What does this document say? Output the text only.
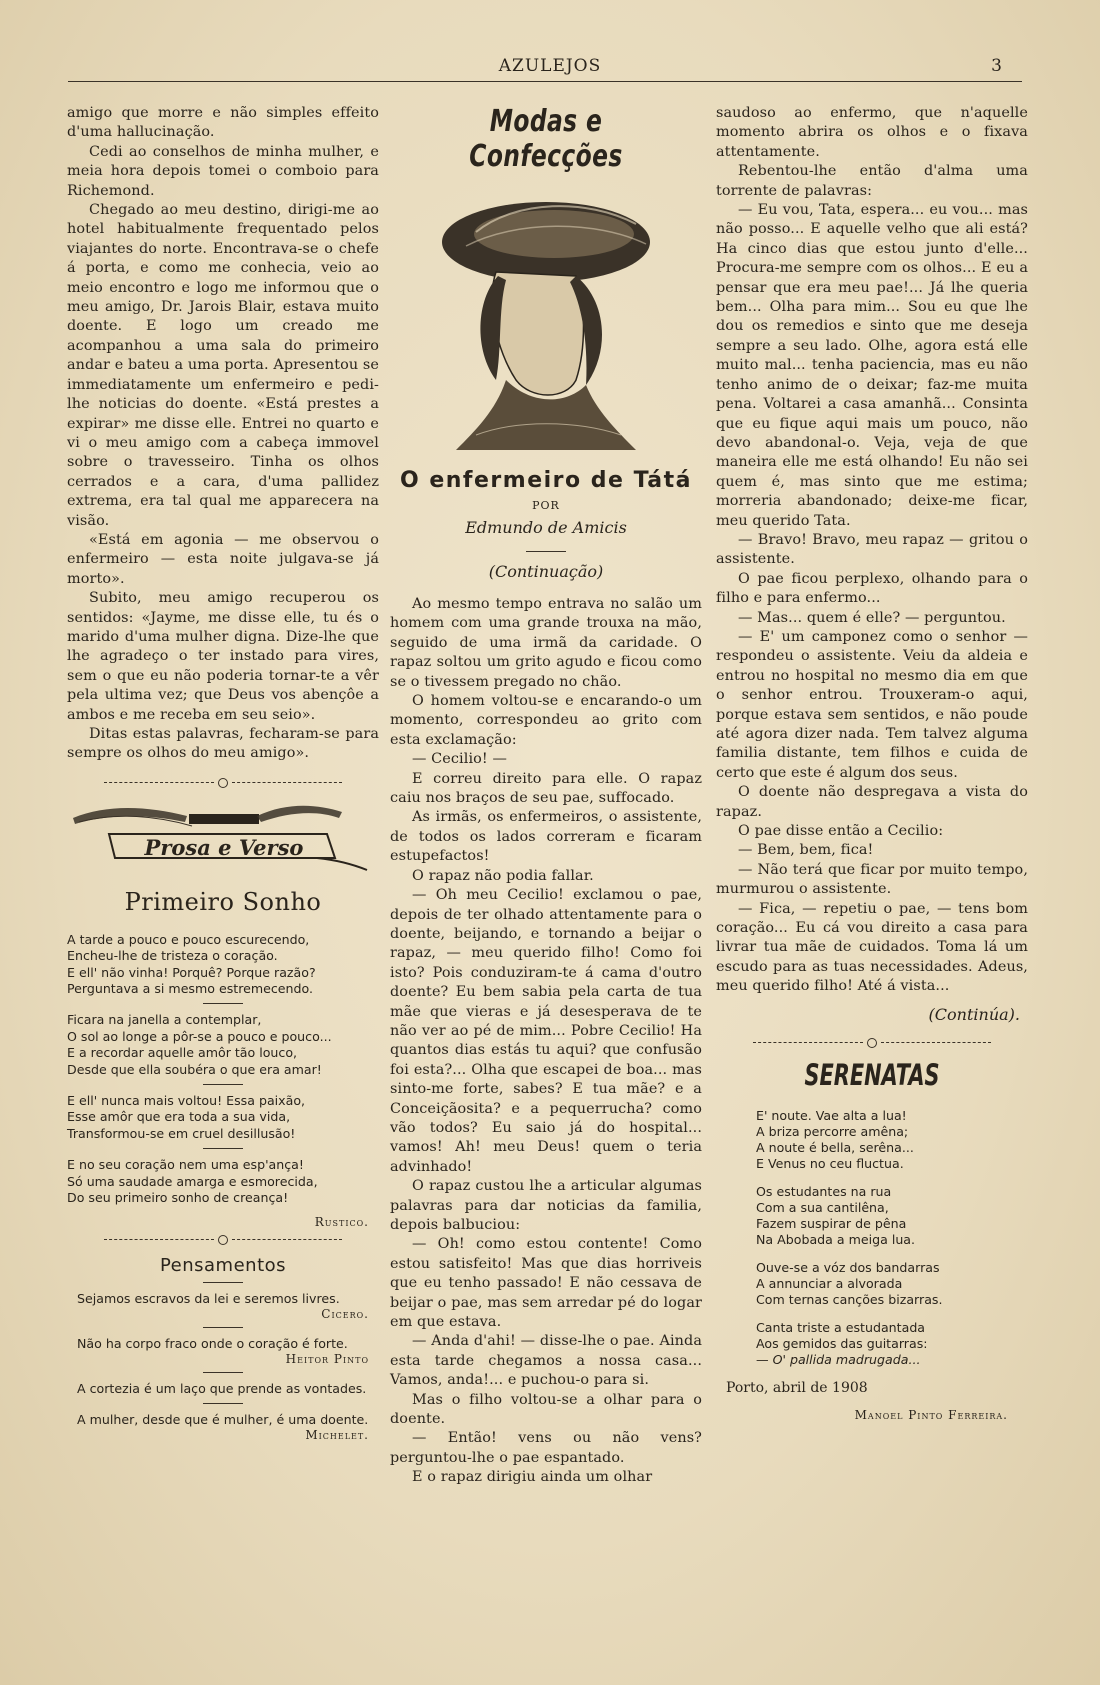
AZULEJOS	3

amigo que morre e não simples effeito d'uma hallucinação.

Cedi ao conselhos de minha mulher, e meia hora depois tomei o comboio para Richemond.

Chegado ao meu destino, dirigi-me ao hotel habitualmente frequentado pelos viajantes do norte. Encontrava-se o chefe á porta, e como me conhecia, veio ao meio encontro e logo me informou que o meu amigo, Dr. Jarois Blair, estava muito doente. E logo um creado me acompanhou a uma sala do primeiro andar e bateu a uma porta. Apresentou se immediatamente um enfermeiro e pedi-lhe noticias do doente. «Está prestes a expirar» me disse elle. Entrei no quarto e vi o meu amigo com a cabeça immovel sobre o travesseiro. Tinha os olhos cerrados e a cara, d'uma pallidez extrema, era tal qual me apparecera na visão.

«Está em agonia — me observou o enfermeiro — esta noite julgava-se já morto».

Subito, meu amigo recuperou os sentidos: «Jayme, me disse elle, tu és o marido d'uma mulher digna. Dize-lhe que lhe agradeço o ter instado para vires, sem o que eu não poderia tornar-te a vêr pela ultima vez; que Deus vos abençôe a ambos e me receba em seu seio».

Ditas estas palavras, fecharam-se para sempre os olhos do meu amigo».

Prosa e Verso
Primeiro Sonho

A tarde a pouco e pouco escurecendo,

Encheu-lhe de tristeza o coração.

E ell' não vinha! Porquê? Porque razão?

Perguntava a si mesmo estremecendo.

Ficara na janella a contemplar,

O sol ao longe a pôr-se a pouco e pouco...

E a recordar aquelle amôr tão louco,

Desde que ella soubéra o que era amar!

E ell' nunca mais voltou! Essa paixão,

Esse amôr que era toda a sua vida,

Transformou-se em cruel desillusão!

E no seu coração nem uma esp'ança!

Só uma saudade amarga e esmorecida,

Do seu primeiro sonho de creança!

Rustico.
Pensamentos

Sejamos escravos da lei e seremos livres.

Cicero.

Não ha corpo fraco onde o coração é forte.

Heitor Pinto

A cortezia é um laço que prende as vontades.

A mulher, desde que é mulher, é uma doente.

Michelet.
Modas e Confecções
O enfermeiro de Tátá
POR
Edmundo de Amicis
(Continuação)

Ao mesmo tempo entrava no salão um homem com uma grande trouxa na mão, seguido de uma irmã da caridade. O rapaz soltou um grito agudo e ficou como se o tivessem pregado no chão.

O homem voltou-se e encarando-o um momento, correspondeu ao grito com esta exclamação:

— Cecilio! —

E correu direito para elle. O rapaz caiu nos braços de seu pae, suffocado.

As irmãs, os enfermeiros, o assistente, de todos os lados correram e ficaram estupefactos!

O rapaz não podia fallar.

— Oh meu Cecilio! exclamou o pae, depois de ter olhado attentamente para o doente, beijando, e tornando a beijar o rapaz, — meu querido filho! Como foi isto? Pois conduziram-te á cama d'outro doente? Eu bem sabia pela carta de tua mãe que vieras e já desesperava de te não ver ao pé de mim... Pobre Cecilio! Ha quantos dias estás tu aqui? que confusão foi esta?... Olha que escapei de boa... mas sinto-me forte, sabes? E tua mãe? e a Conceiçãosita? e a pequerrucha? como vão todos? Eu saio já do hospital... vamos! Ah! meu Deus! quem o teria advinhado!

O rapaz custou lhe a articular algumas palavras para dar noticias da familia, depois balbuciou:

— Oh! como estou contente! Como estou satisfeito! Mas que dias horriveis que eu tenho passado! E não cessava de beijar o pae, mas sem arredar pé do logar em que estava.

— Anda d'ahi! — disse-lhe o pae. Ainda esta tarde chegamos a nossa casa... Vamos, anda!... e puchou-o para si.

Mas o filho voltou-se a olhar para o doente.

— Então! vens ou não vens? perguntou-lhe o pae espantado.

E o rapaz dirigiu ainda um olhar

saudoso ao enfermo, que n'aquelle momento abrira os olhos e o fixava attentamente.

Rebentou-lhe então d'alma uma torrente de palavras:

— Eu vou, Tata, espera... eu vou... mas não posso... E aquelle velho que ali está? Ha cinco dias que estou junto d'elle... Procura-me sempre com os olhos... E eu a pensar que era meu pae!... Já lhe queria bem... Olha para mim... Sou eu que lhe dou os remedios e sinto que me deseja sempre a seu lado. Olhe, agora está elle muito mal... tenha paciencia, mas eu não tenho animo de o deixar; faz-me muita pena. Voltarei a casa amanhã... Consinta que eu fique aqui mais um pouco, não devo abandonal-o. Veja, veja de que maneira elle me está olhando! Eu não sei quem é, mas sinto que me estima; morreria abandonado; deixe-me ficar, meu querido Tata.

— Bravo! Bravo, meu rapaz — gritou o assistente.

O pae ficou perplexo, olhando para o filho e para enfermo...

— Mas... quem é elle? — perguntou.

— E' um camponez como o senhor — respondeu o assistente. Veiu da aldeia e entrou no hospital no mesmo dia em que o senhor entrou. Trouxeram-o aqui, porque estava sem sentidos, e não poude até agora dizer nada. Tem talvez alguma familia distante, tem filhos e cuida de certo que este é algum dos seus.

O doente não despregava a vista do rapaz.

O pae disse então a Cecilio:

— Bem, bem, fica!

— Não terá que ficar por muito tempo, murmurou o assistente.

— Fica, — repetiu o pae, — tens bom coração... Eu cá vou direito a casa para livrar tua mãe de cuidados. Toma lá um escudo para as tuas necessidades. Adeus, meu querido filho! Até á vista...

(Continúa).
SERENATAS
E' noute. Vae alta a lua!
A briza percorre amêna;
A noute é bella, serêna...
E Venus no ceu fluctua.
Os estudantes na rua
Com a sua cantilêna,
Fazem suspirar de pêna
Na Abobada a meiga lua.
Ouve-se a vóz dos bandarras
A annunciar a alvorada
Com ternas canções bizarras.
Canta triste a estudantada
Aos gemidos das guitarras:
— O' pallida madrugada...
Porto, abril de 1908
Manoel Pinto Ferreira.
